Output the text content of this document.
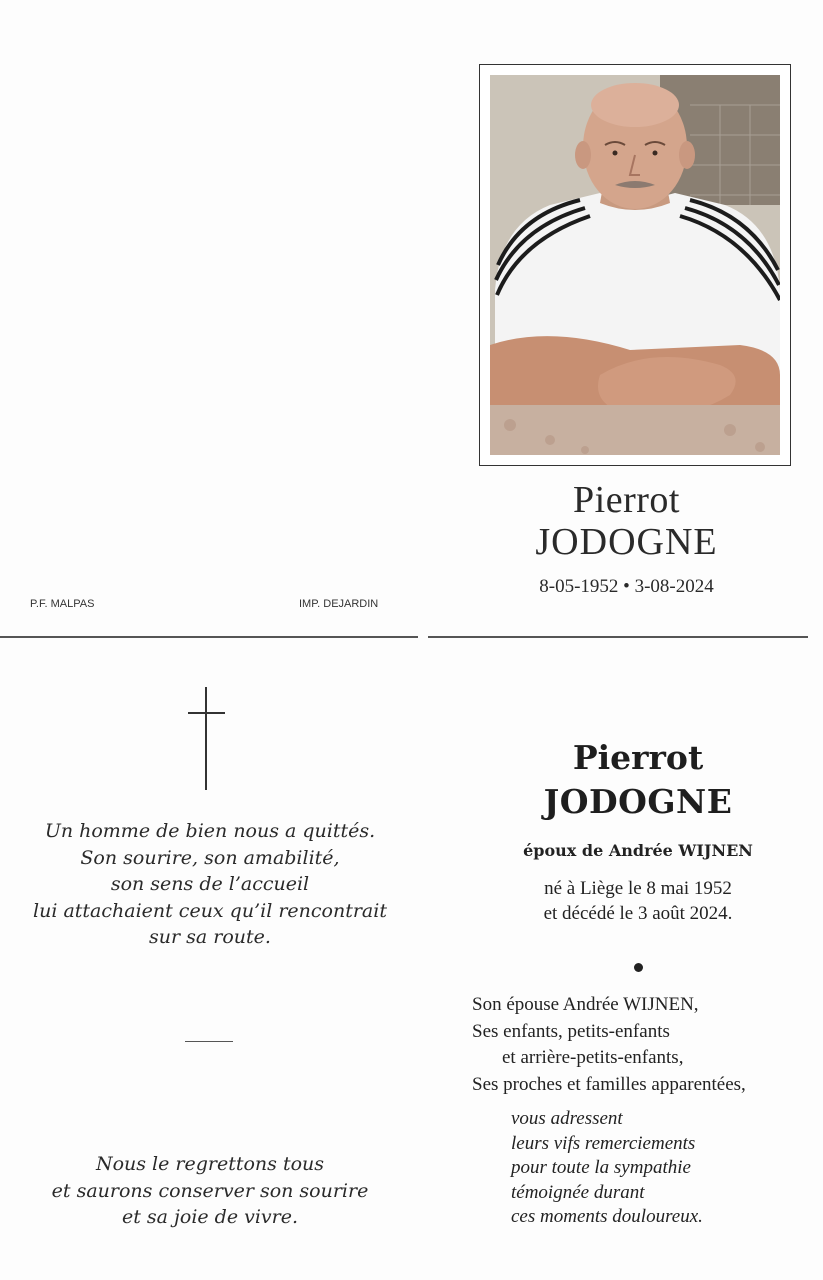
P.F. MALPAS	IMP. DEJARDIN
Pierrot
JODOGNE
8-05-1952 • 3-08-2024
Un homme de bien nous a quittés.
Son sourire, son amabilité,
son sens de l’accueil
lui attachaient ceux qu’il rencontrait
sur sa route.
Nous le regrettons tous
et saurons conserver son sourire
et sa joie de vivre.
Pierrot
JODOGNE
époux de Andrée WIJNEN
né à Liège le 8 mai 1952
et décédé le 3 août 2024.
Son épouse Andrée WIJNEN,
Ses enfants, petits-enfants
et arrière-petits-enfants,
Ses proches et familles apparentées,
vous adressent
leurs vifs remerciements
pour toute la sympathie
témoignée durant
ces moments douloureux.
